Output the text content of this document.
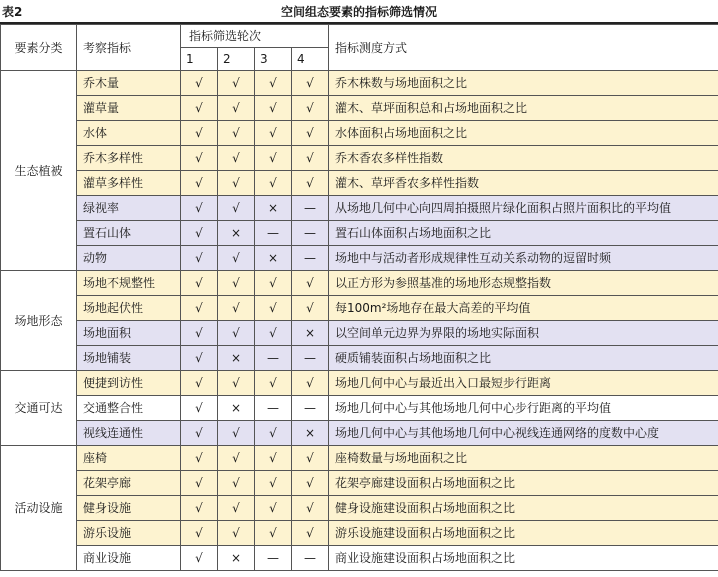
表2	空间组态要素的指标筛选情况
要素分类	考察指标	指标筛选轮次				指标测度方式
		1	2	3	4	
生态植被	乔木量	√	√	√	√	乔木株数与场地面积之比
	灌草量	√	√	√	√	灌木、草坪面积总和占场地面积之比
	水体	√	√	√	√	水体面积占场地面积之比
	乔木多样性	√	√	√	√	乔木香农多样性指数
	灌草多样性	√	√	√	√	灌木、草坪香农多样性指数
	绿视率	√	√	×	—	从场地几何中心向四周拍摄照片绿化面积占照片面积比的平均值
	置石山体	√	×	—	—	置石山体面积占场地面积之比
	动物	√	√	×	—	场地中与活动者形成规律性互动关系动物的逗留时频
场地形态	场地不规整性	√	√	√	√	以正方形为参照基准的场地形态规整指数
	场地起伏性	√	√	√	√	每100m²场地存在最大高差的平均值
	场地面积	√	√	√	×	以空间单元边界为界限的场地实际面积
	场地铺装	√	×	—	—	硬质铺装面积占场地面积之比
交通可达	便捷到访性	√	√	√	√	场地几何中心与最近出入口最短步行距离
	交通整合性	√	×	—	—	场地几何中心与其他场地几何中心步行距离的平均值
	视线连通性	√	√	√	×	场地几何中心与其他场地几何中心视线连通网络的度数中心度
活动设施	座椅	√	√	√	√	座椅数量与场地面积之比
	花架亭廊	√	√	√	√	花架亭廊建设面积占场地面积之比
	健身设施	√	√	√	√	健身设施建设面积占场地面积之比
	游乐设施	√	√	√	√	游乐设施建设面积占场地面积之比
	商业设施	√	×	—	—	商业设施建设面积占场地面积之比
